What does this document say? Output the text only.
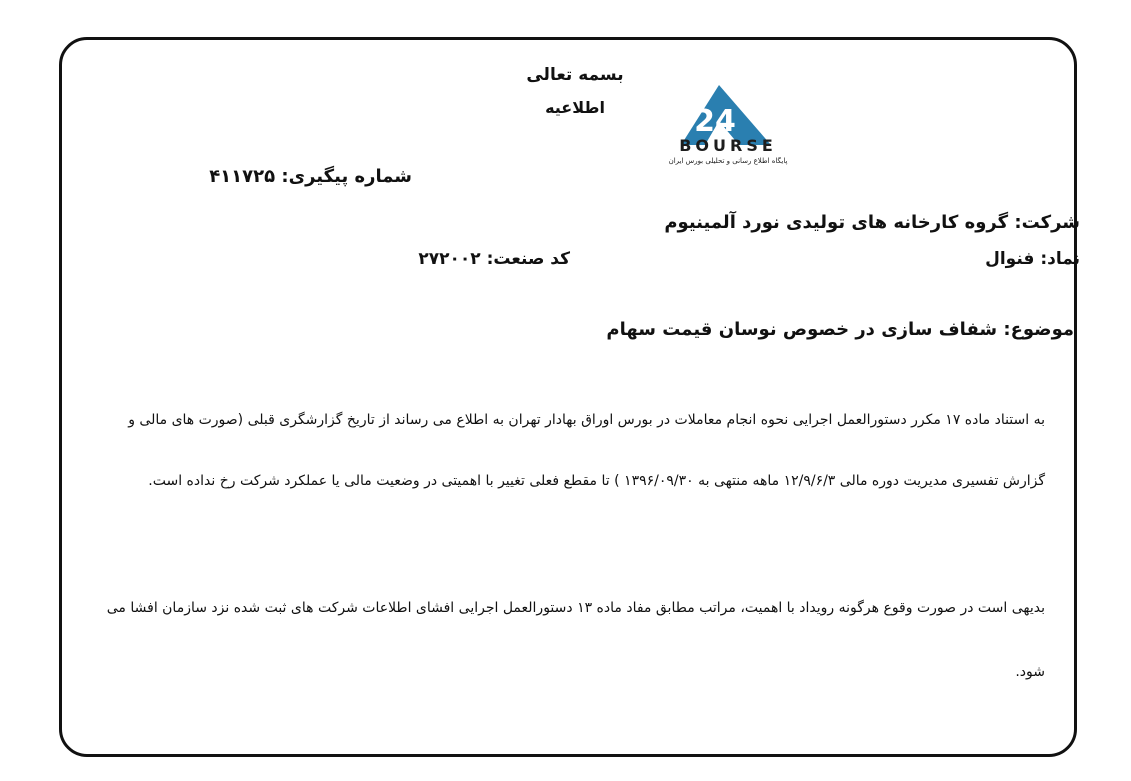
بسمه تعالی
اطلاعیه	24
BOURSE
پایگاه اطلاع رسانی و تحلیلی بورس ایران
شماره پیگیری: ۴۱۱۷۲۵
شرکت: گروه کارخانه های تولیدی نورد آلمینیوم
نماد: فنوال
کد صنعت: ۲۷۲۰۰۲
موضوع: شفاف سازی در خصوص نوسان قیمت سهام
به استناد ماده ۱۷ مکرر دستورالعمل اجرایی نحوه انجام معاملات در بورس اوراق بهادار تهران به اطلاع می رساند از تاریخ گزارشگری قبلی (صورت های مالی و
گزارش تفسیری مدیریت دوره مالی ۱۲/۹/۶/۳ ماهه منتهی به ۱۳۹۶/۰۹/۳۰ ) تا مقطع فعلی تغییر با اهمیتی در وضعیت مالی یا عملکرد شرکت رخ نداده است.
بدیهی است در صورت وقوع هرگونه رویداد با اهمیت، مراتب مطابق مفاد ماده ۱۳ دستورالعمل اجرایی افشای اطلاعات شرکت های ثبت شده نزد سازمان افشا می
شود.
